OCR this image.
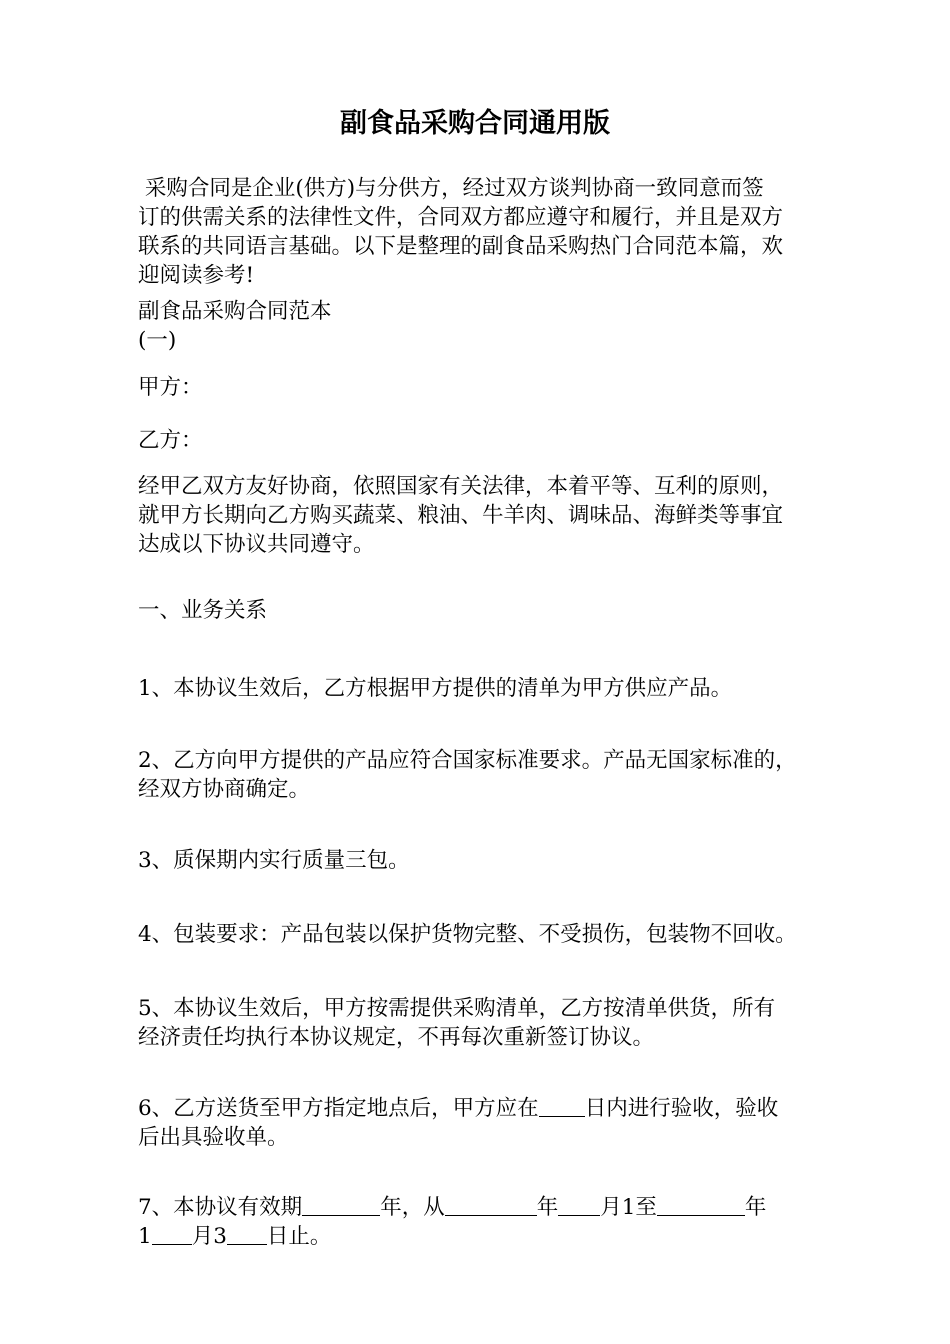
副食品采购合同通用版
采购合同是企业(供方)与分供方，经过双方谈判协商一致同意而签
订的供需关系的法律性文件，合同双方都应遵守和履行，并且是双方
联系的共同语言基础。以下是整理的副食品采购热门合同范本篇，欢
迎阅读参考!
副食品采购合同范本
(一)
甲方：
乙方：
经甲乙双方友好协商，依照国家有关法律，本着平等、互利的原则，
就甲方长期向乙方购买蔬菜、粮油、牛羊肉、调味品、海鲜类等事宜
达成以下协议共同遵守。
一、业务关系
1、本协议生效后，乙方根据甲方提供的清单为甲方供应产品。
2、乙方向甲方提供的产品应符合国家标准要求。产品无国家标准的，
经双方协商确定。
3、质保期内实行质量三包。
4、包装要求：产品包装以保护货物完整、不受损伤，包装物不回收。
5、本协议生效后，甲方按需提供采购清单，乙方按清单供货，所有
经济责任均执行本协议规定，不再每次重新签订协议。
6、乙方送货至甲方指定地点后，甲方应在 日内进行验收，验收
后出具验收单。
7、本协议有效期	年，从	年 月1至	年
1 月3 日止。
